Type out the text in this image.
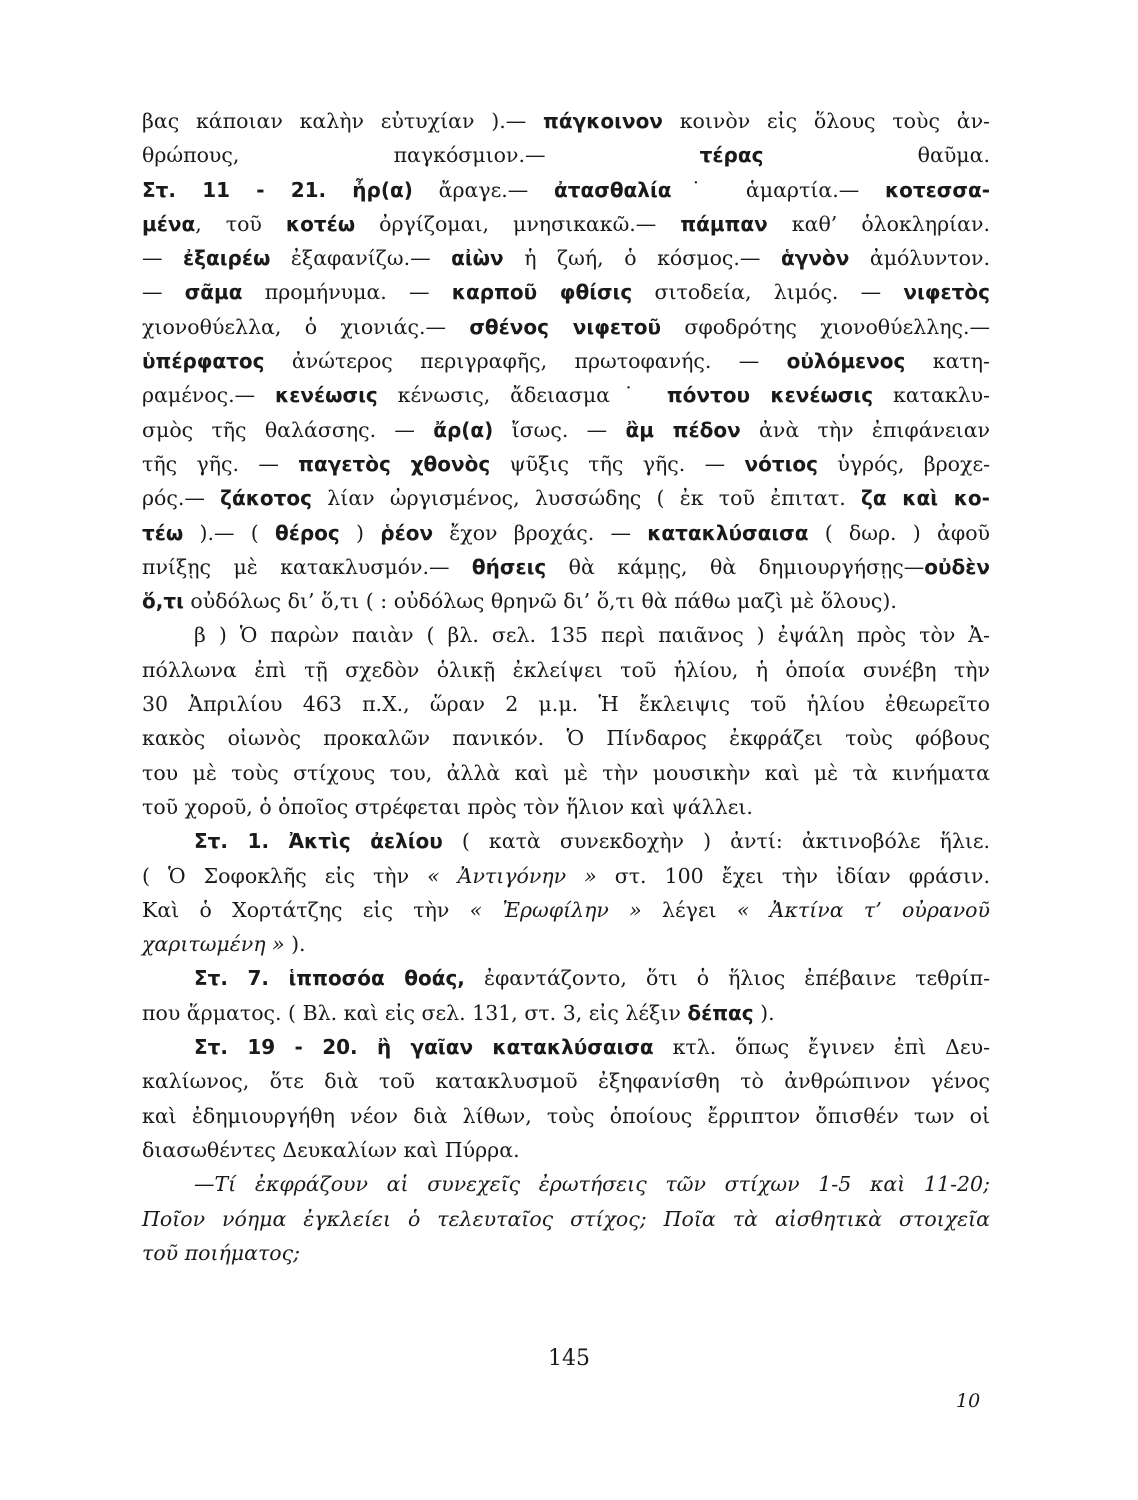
βας κάποιαν καλὴν εὐτυχίαν ).— πάγκοινον κοινὸν εἰς ὅλους τοὺς ἀν-

θρώπους, παγκόσμιον.— τέρας θαῦμα.

Στ. 11 - 21. ἦρ(α) ἄραγε.— ἀτασθαλία˙ ἁμαρτία.— κοτεσσα-

μένα, τοῦ κοτέω ὀργίζομαι, μνησικακῶ.— πάμπαν καθ’ ὁλοκληρίαν.

— ἐξαιρέω ἐξαφανίζω.— αἰὼν ἡ ζωή, ὁ κόσμος.— ἁγνὸν ἀμόλυντον.

— σᾶμα προμήνυμα. — καρποῦ φθίσις σιτοδεία, λιμός. — νιφετὸς

χιονοθύελλα, ὁ χιονιάς.— σθένος νιφετοῦ σφοδρότης χιονοθύελλης.—

ὑπέρφατος ἀνώτερος περιγραφῆς, πρωτοφανής. — οὐλόμενος κατη-

ραμένος.— κενέωσις κένωσις, ἄδειασμα˙ πόντου κενέωσις κατακλυ-

σμὸς τῆς θαλάσσης. — ἄρ(α) ἴσως. — ἂμ πέδον ἀνὰ τὴν ἐπιφάνειαν

τῆς γῆς. — παγετὸς χθονὸς ψῦξις τῆς γῆς. — νότιος ὑγρός, βροχε-

ρός.— ζάκοτος λίαν ὠργισμένος, λυσσώδης ( ἐκ τοῦ ἐπιτατ. ζα καὶ κο-

τέω ).— ( θέρος ) ῥέον ἔχον βροχάς. — κατακλύσαισα ( δωρ. ) ἀφοῦ

πνίξῃς μὲ κατακλυσμόν.— θήσεις θὰ κάμῃς, θὰ δημιουργήσῃς—οὐδὲν

ὅ,τι οὐδόλως δι’ ὅ,τι ( : οὐδόλως θρηνῶ δι’ ὅ,τι θὰ πάθω μαζὶ μὲ ὅλους).

β ) Ὁ παρὼν παιὰν ( βλ. σελ. 135 περὶ παιᾶνος ) ἐψάλη πρὸς τὸν Ἀ-

πόλλωνα ἐπὶ τῇ σχεδὸν ὁλικῇ ἐκλείψει τοῦ ἡλίου, ἡ ὁποία συνέβη τὴν

30 Ἀπριλίου 463 π.Χ., ὥραν 2 μ.μ. Ἡ ἔκλειψις τοῦ ἡλίου ἐθεωρεῖτο

κακὸς οἰωνὸς προκαλῶν πανικόν. Ὁ Πίνδαρος ἐκφράζει τοὺς φόβους

του μὲ τοὺς στίχους του, ἀλλὰ καὶ μὲ τὴν μουσικὴν καὶ μὲ τὰ κινήματα

τοῦ χοροῦ, ὁ ὁποῖος στρέφεται πρὸς τὸν ἥλιον καὶ ψάλλει.

Στ. 1. Ἀκτὶς ἀελίου ( κατὰ συνεκδοχὴν ) ἀντί: ἀκτινοβόλε ἥλιε.

( Ὁ Σοφοκλῆς εἰς τὴν « Ἀντιγόνην » στ. 100 ἔχει τὴν ἰδίαν φράσιν.

Καὶ ὁ Χορτάτζης εἰς τὴν « Ἐρωφίλην » λέγει « Ἀκτίνα τ’ οὐρανοῦ

χαριτωμένη » ).

Στ. 7. ἱπποσόα θοάς, ἐφαντάζοντο, ὅτι ὁ ἥλιος ἐπέβαινε τεθρίπ-

που ἅρματος. ( Βλ. καὶ εἰς σελ. 131, στ. 3, εἰς λέξιν δέπας ).

Στ. 19 - 20. ἢ γαῖαν κατακλύσαισα κτλ. ὅπως ἔγινεν ἐπὶ Δευ-

καλίωνος, ὅτε διὰ τοῦ κατακλυσμοῦ ἐξηφανίσθη τὸ ἀνθρώπινον γένος

καὶ ἐδημιουργήθη νέον διὰ λίθων, τοὺς ὁποίους ἔρριπτον ὄπισθέν των οἱ

διασωθέντες Δευκαλίων καὶ Πύρρα.

—Τί ἐκφράζουν αἱ συνεχεῖς ἐρωτήσεις τῶν στίχων 1-5 καὶ 11-20;

Ποῖον νόημα ἐγκλείει ὁ τελευταῖος στίχος; Ποῖα τὰ αἰσθητικὰ στοιχεῖα

τοῦ ποιήματος;

145
10
